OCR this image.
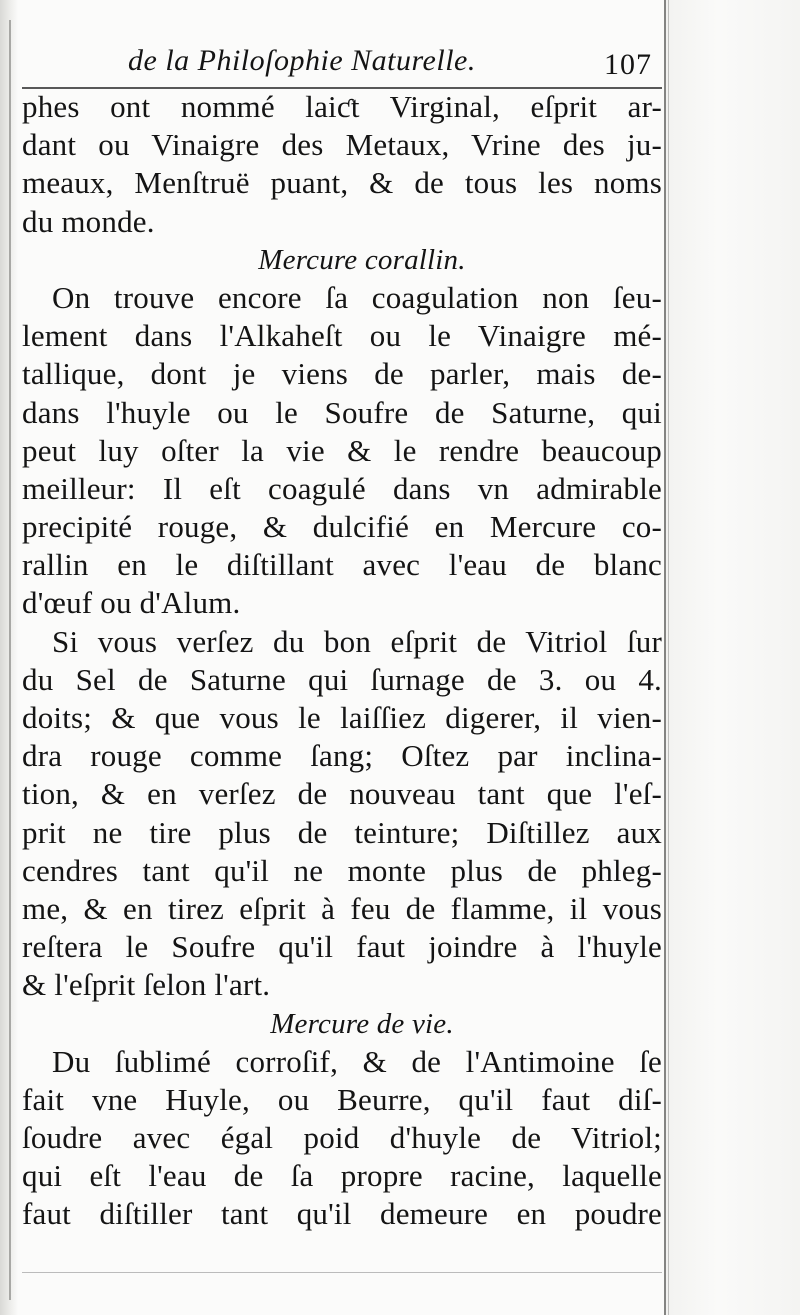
de la Philoſophie Naturelle.	107
phes ont nommé laiƈt Virginal, eſprit ar-
dant ou Vinaigre des Metaux, Vrine des ju-
meaux, Menſtruë puant, & de tous les noms
du monde.
Mercure corallin.
On trouve encore ſa coagulation non ſeu-
lement dans l'Alkaheſt ou le Vinaigre mé-
tallique, dont je viens de parler, mais de-
dans l'huyle ou le Soufre de Saturne, qui
peut luy oſter la vie & le rendre beaucoup
meilleur: Il eſt coagulé dans vn admirable
precipité rouge, & dulcifié en Mercure co-
rallin en le diſtillant avec l'eau de blanc
d'œuf ou d'Alum.
Si vous verſez du bon eſprit de Vitriol ſur
du Sel de Saturne qui ſurnage de 3. ou 4.
doits; & que vous le laiſſiez digerer, il vien-
dra rouge comme ſang; Oſtez par inclina-
tion, & en verſez de nouveau tant que l'eſ-
prit ne tire plus de teinture; Diſtillez aux
cendres tant qu'il ne monte plus de phleg-
me, & en tirez eſprit à feu de flamme, il vous
reſtera le Soufre qu'il faut joindre à l'huyle
& l'eſprit ſelon l'art.
Mercure de vie.
Du ſublimé corroſif, & de l'Antimoine ſe
fait vne Huyle, ou Beurre, qu'il faut diſ-
ſoudre avec égal poid d'huyle de Vitriol;
qui eſt l'eau de ſa propre racine, laquelle
faut diſtiller tant qu'il demeure en poudre
